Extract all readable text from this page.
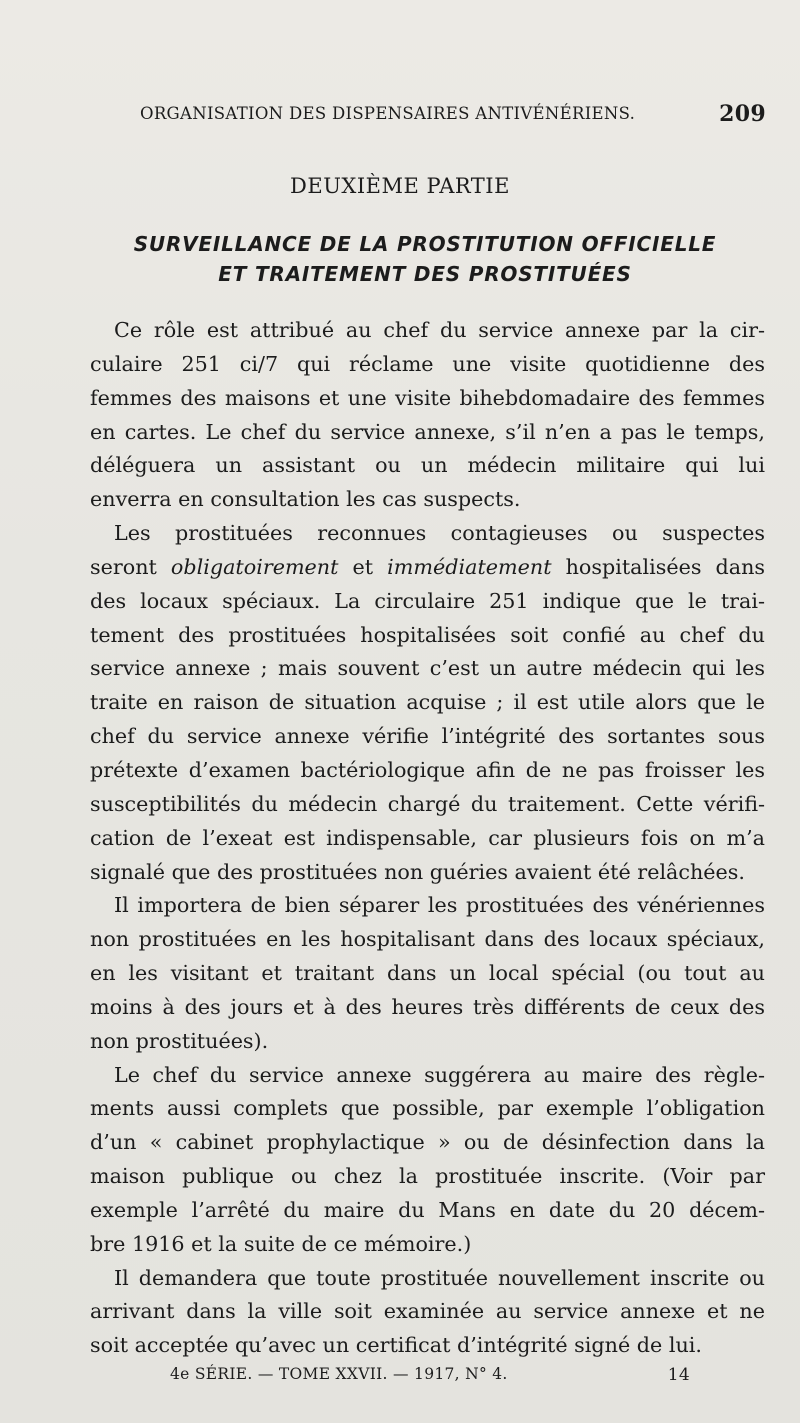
ORGANISATION DES DISPENSAIRES ANTIVÉNÉRIENS.	209
DEUXIÈME PARTIE
SURVEILLANCE DE LA PROSTITUTION OFFICIELLE
ET TRAITEMENT DES PROSTITUÉES
Ce rôle est attribué au chef du service annexe par la cir-
culaire 251 ci/7 qui réclame une visite quotidienne des
femmes des maisons et une visite bihebdomadaire des femmes
en cartes. Le chef du service annexe, s’il n’en a pas le temps,
déléguera un assistant ou un médecin militaire qui lui
enverra en consultation les cas suspects.
Les prostituées reconnues contagieuses ou suspectes
seront obligatoirement et immédiatement hospitalisées dans
des locaux spéciaux. La circulaire 251 indique que le trai-
tement des prostituées hospitalisées soit confié au chef du
service annexe ; mais souvent c’est un autre médecin qui les
traite en raison de situation acquise ; il est utile alors que le
chef du service annexe vérifie l’intégrité des sortantes sous
prétexte d’examen bactériologique afin de ne pas froisser les
susceptibilités du médecin chargé du traitement. Cette vérifi-
cation de l’exeat est indispensable, car plusieurs fois on m’a
signalé que des prostituées non guéries avaient été relâchées.
Il importera de bien séparer les prostituées des vénériennes
non prostituées en les hospitalisant dans des locaux spéciaux,
en les visitant et traitant dans un local spécial (ou tout au
moins à des jours et à des heures très différents de ceux des
non prostituées).
Le chef du service annexe suggérera au maire des règle-
ments aussi complets que possible, par exemple l’obligation
d’un « cabinet prophylactique » ou de désinfection dans la
maison publique ou chez la prostituée inscrite. (Voir par
exemple l’arrêté du maire du Mans en date du 20 décem-
bre 1916 et la suite de ce mémoire.)
Il demandera que toute prostituée nouvellement inscrite ou
arrivant dans la ville soit examinée au service annexe et ne
soit acceptée qu’avec un certificat d’intégrité signé de lui.
4e SÉRIE. — TOME XXVII. — 1917, N° 4.	14
